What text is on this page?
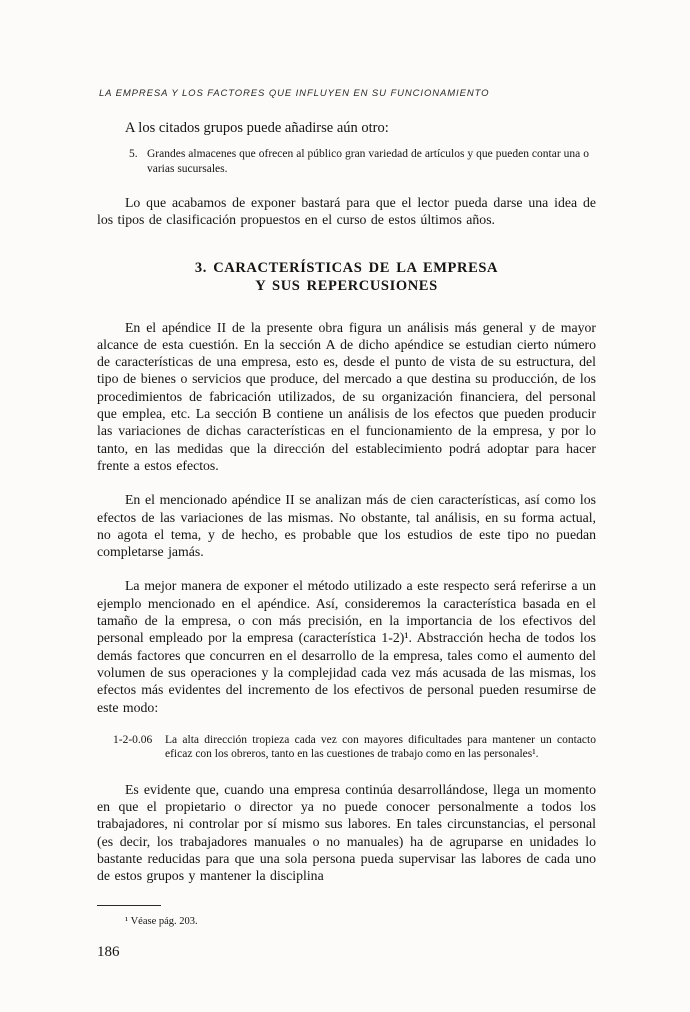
LA EMPRESA Y LOS FACTORES QUE INFLUYEN EN SU FUNCIONAMIENTO

A los citados grupos puede añadirse aún otro:

5. Grandes almacenes que ofrecen al público gran variedad de artículos y que pueden contar una o varias sucursales.

Lo que acabamos de exponer bastará para que el lector pueda darse una idea de los tipos de clasificación propuestos en el curso de estos últimos años.

3. CARACTERÍSTICAS DE LA EMPRESA
Y SUS REPERCUSIONES

En el apéndice II de la presente obra figura un análisis más general y de mayor alcance de esta cuestión. En la sección A de dicho apéndice se estudian cierto número de características de una empresa, esto es, desde el punto de vista de su estructura, del tipo de bienes o servicios que produce, del mercado a que destina su producción, de los procedimientos de fabricación utilizados, de su organización financiera, del personal que emplea, etc. La sección B contiene un análisis de los efectos que pueden producir las variaciones de dichas características en el funcionamiento de la empresa, y por lo tanto, en las medidas que la dirección del establecimiento podrá adoptar para hacer frente a estos efectos.

En el mencionado apéndice II se analizan más de cien características, así como los efectos de las variaciones de las mismas. No obstante, tal análisis, en su forma actual, no agota el tema, y de hecho, es probable que los estudios de este tipo no puedan completarse jamás.

La mejor manera de exponer el método utilizado a este respecto será referirse a un ejemplo mencionado en el apéndice. Así, consideremos la característica basada en el tamaño de la empresa, o con más precisión, en la importancia de los efectivos del personal empleado por la empresa (característica 1-2)¹. Abstracción hecha de todos los demás factores que concurren en el desarrollo de la empresa, tales como el aumento del volumen de sus operaciones y la complejidad cada vez más acusada de las mismas, los efectos más evidentes del incremento de los efectivos de personal pueden resumirse de este modo:

1-2-0.06	La alta dirección tropieza cada vez con mayores dificultades para mantener un contacto eficaz con los obreros, tanto en las cuestiones de trabajo como en las personales¹.

Es evidente que, cuando una empresa continúa desarrollándose, llega un momento en que el propietario o director ya no puede conocer personalmente a todos los trabajadores, ni controlar por sí mismo sus labores. En tales circunstancias, el personal (es decir, los trabajadores manuales o no manuales) ha de agruparse en unidades lo bastante reducidas para que una sola persona pueda supervisar las labores de cada uno de estos grupos y mantener la disciplina

¹ Véase pág. 203.
186
